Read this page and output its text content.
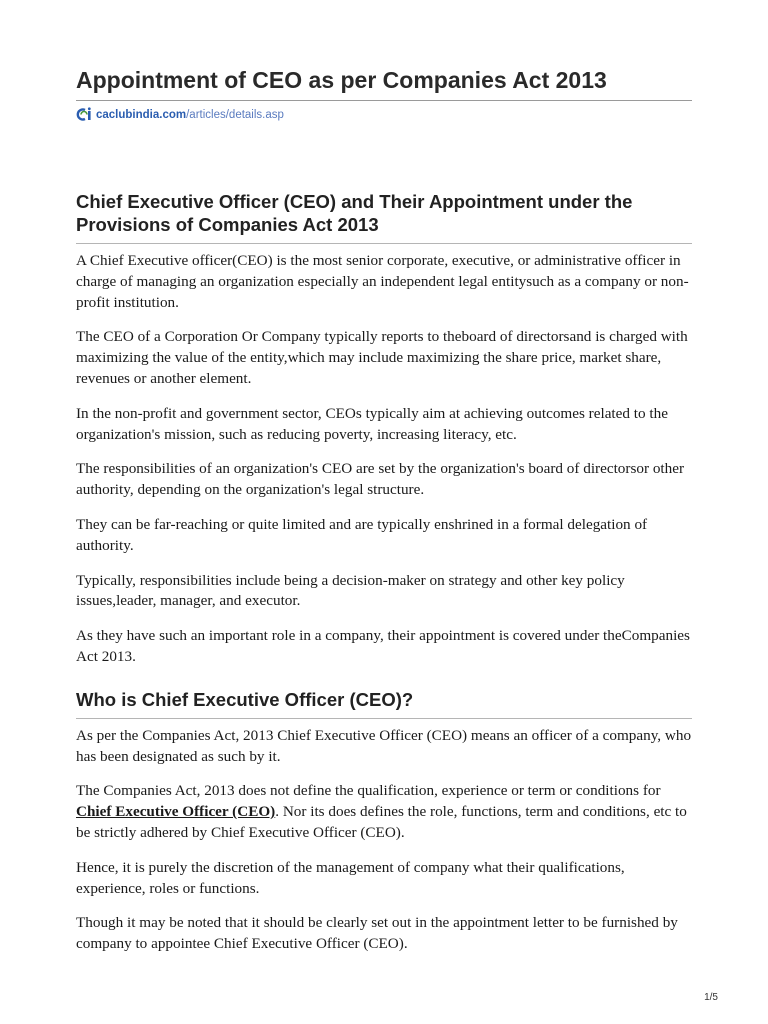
Appointment of CEO as per Companies Act 2013
caclubindia.com/articles/details.asp
Chief Executive Officer (CEO) and Their Appointment under the Provisions of Companies Act 2013

A Chief Executive officer(CEO) is the most senior corporate, executive, or administrative officer in charge of managing an organization especially an independent legal entitysuch as a company or non-profit institution.

The CEO of a Corporation Or Company typically reports to theboard of directorsand is charged with maximizing the value of the entity,which may include maximizing the share price, market share, revenues or another element.

In the non-profit and government sector, CEOs typically aim at achieving outcomes related to the organization's mission, such as reducing poverty, increasing literacy, etc.

The responsibilities of an organization's CEO are set by the organization's board of directorsor other authority, depending on the organization's legal structure.

They can be far-reaching or quite limited and are typically enshrined in a formal delegation of authority.

Typically, responsibilities include being a decision-maker on strategy and other key policy issues,leader, manager, and executor.

As they have such an important role in a company, their appointment is covered under theCompanies Act 2013.

Who is Chief Executive Officer (CEO)?

As per the Companies Act, 2013 Chief Executive Officer (CEO) means an officer of a company, who has been designated as such by it.

The Companies Act, 2013 does not define the qualification, experience or term or conditions for Chief Executive Officer (CEO). Nor its does defines the role, functions, term and conditions, etc to be strictly adhered by Chief Executive Officer (CEO).

Hence, it is purely the discretion of the management of company what their qualifications, experience, roles or functions.

Though it may be noted that it should be clearly set out in the appointment letter to be furnished by company to appointee Chief Executive Officer (CEO).

1/5
